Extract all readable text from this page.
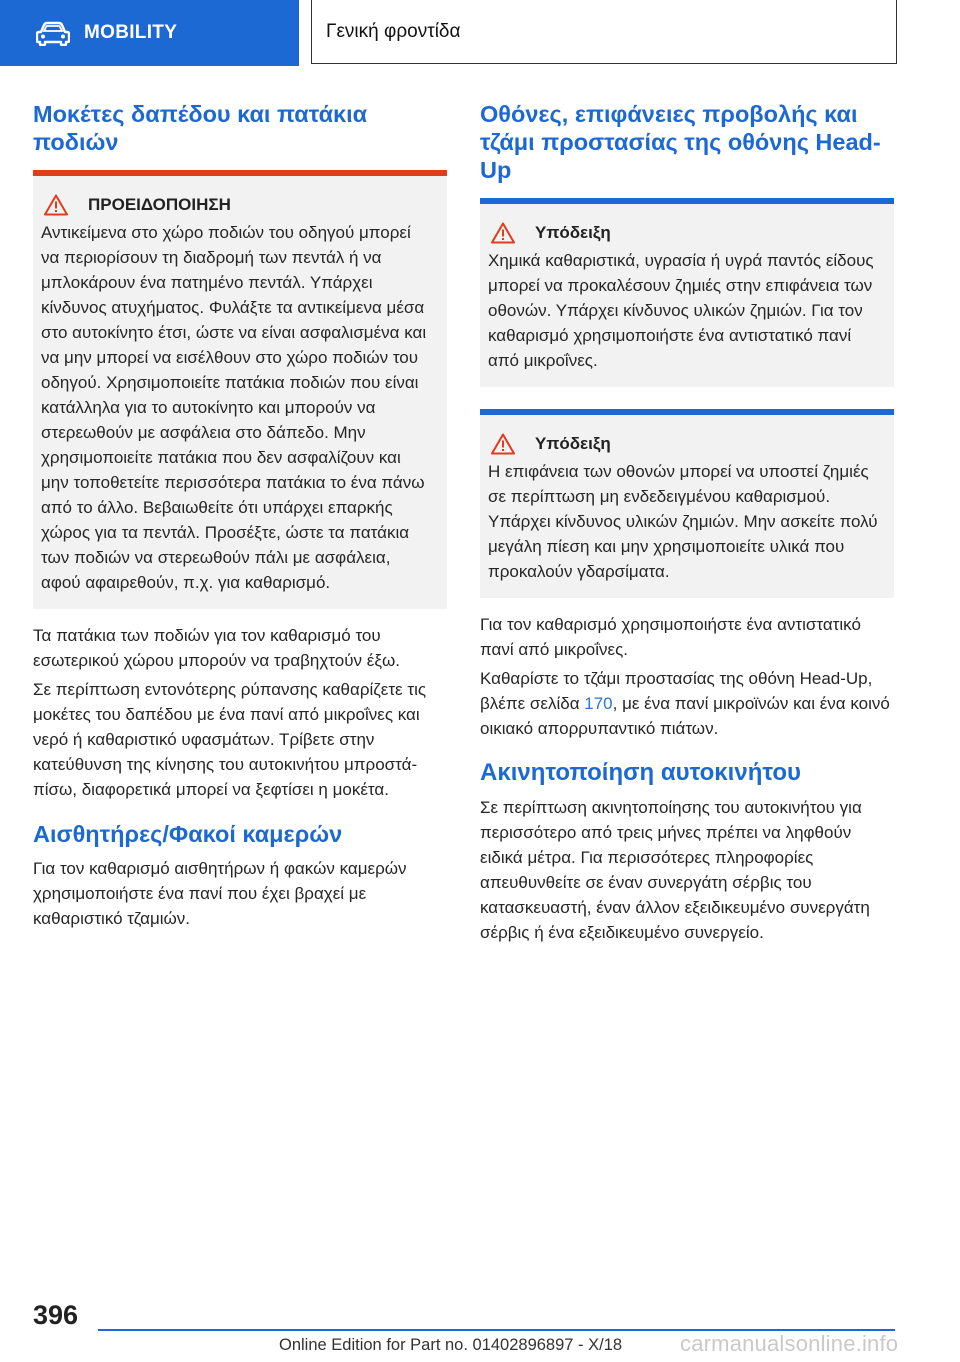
MOBILITY	Γενική φροντίδα
Μοκέτες δαπέδου και πατάκια ποδιών
ΠΡΟΕΙΔΟΠΟΙΗΣΗ

Αντικείμενα στο χώρο ποδιών του οδηγού μπορεί να περιορίσουν τη διαδρομή των πεντάλ ή να μπλοκάρουν ένα πατημένο πεντάλ. Υπάρχει κίνδυνος ατυχήματος. Φυλάξτε τα αντικείμενα μέσα στο αυτοκίνητο έτσι, ώστε να είναι ασφαλισμένα και να μην μπορεί να εισέλθουν στο χώρο ποδιών του οδηγού. Χρησιμοποιείτε πατάκια ποδιών που είναι κατάλληλα για το αυτοκίνητο και μπορούν να στερεωθούν με ασφάλεια στο δάπεδο. Μην χρησιμοποιείτε πατάκια που δεν ασφαλίζουν και μην τοποθετείτε περισσότερα πατάκια το ένα πάνω από το άλλο. Βεβαιωθείτε ότι υπάρχει επαρκής χώρος για τα πεντάλ. Προσέξτε, ώστε τα πατάκια των ποδιών να στερεωθούν πάλι με ασφάλεια, αφού αφαιρεθούν, π.χ. για καθαρισμό.

Τα πατάκια των ποδιών για τον καθαρισμό του εσωτερικού χώρου μπορούν να τραβηχτούν έξω.

Σε περίπτωση εντονότερης ρύπανσης καθαρίζετε τις μοκέτες του δαπέδου με ένα πανί από μικροΐνες και νερό ή καθαριστικό υφασμάτων. Τρίβετε στην κατεύθυνση της κίνησης του αυτοκινήτου μπροστά-πίσω, διαφορετικά μπορεί να ξεφτίσει η μοκέτα.

Αισθητήρες/Φακοί καμερών

Για τον καθαρισμό αισθητήρων ή φακών καμερών χρησιμοποιήστε ένα πανί που έχει βραχεί με καθαριστικό τζαμιών.

Οθόνες, επιφάνειες προβολής και τζάμι προστασίας της οθόνης Head-Up
Υπόδειξη

Χημικά καθαριστικά, υγρασία ή υγρά παντός είδους μπορεί να προκαλέσουν ζημιές στην επιφάνεια των οθονών. Υπάρχει κίνδυνος υλικών ζημιών. Για τον καθαρισμό χρησιμοποιήστε ένα αντιστατικό πανί από μικροΐνες.

Υπόδειξη

Η επιφάνεια των οθονών μπορεί να υποστεί ζημιές σε περίπτωση μη ενδεδειγμένου καθαρισμού. Υπάρχει κίνδυνος υλικών ζημιών. Μην ασκείτε πολύ μεγάλη πίεση και μην χρησιμοποιείτε υλικά που προκαλούν γδαρσίματα.

Για τον καθαρισμό χρησιμοποιήστε ένα αντιστατικό πανί από μικροΐνες.

Καθαρίστε το τζάμι προστασίας της οθόνη Head-Up, βλέπε σελίδα 170, με ένα πανί μικροϊνών και ένα κοινό οικιακό απορρυπαντικό πιάτων.

Ακινητοποίηση αυτοκινήτου

Σε περίπτωση ακινητοποίησης του αυτοκινήτου για περισσότερο από τρεις μήνες πρέπει να ληφθούν ειδικά μέτρα. Για περισσότερες πληροφορίες απευθυνθείτε σε έναν συνεργάτη σέρβις του κατασκευαστή, έναν άλλον εξειδικευμένο συνεργάτη σέρβις ή ένα εξειδικευμένο συνεργείο.

396
Online Edition for Part no. 01402896897 - X/18	carmanualsonline.info
